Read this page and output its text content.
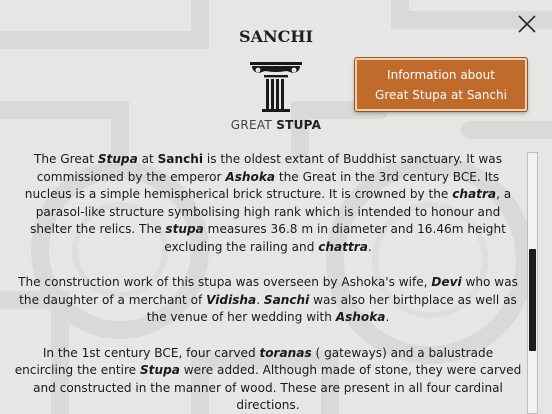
SANCHI
GREAT STUPA
Information about
Great Stupa at Sanchi

The Great Stupa at Sanchi is the oldest extant of Buddhist sanctuary. It was commissioned by the emperor Ashoka the Great in the 3rd century BCE. Its nucleus is a simple hemispherical brick structure. It is crowned by the chatra, a parasol-like structure symbolising high rank which is intended to honour and shelter the relics. The stupa measures 36.8 m in diameter and 16.46m height excluding the railing and chattra.

The construction work of this stupa was overseen by Ashoka's wife, Devi who was the daughter of a merchant of Vidisha. Sanchi was also her birthplace as well as the venue of her wedding with Ashoka.

In the 1st century BCE, four carved toranas ( gateways) and a balustrade encircling the entire Stupa were added. Although made of stone, they were carved and constructed in the manner of wood. These are present in all four cardinal directions.
